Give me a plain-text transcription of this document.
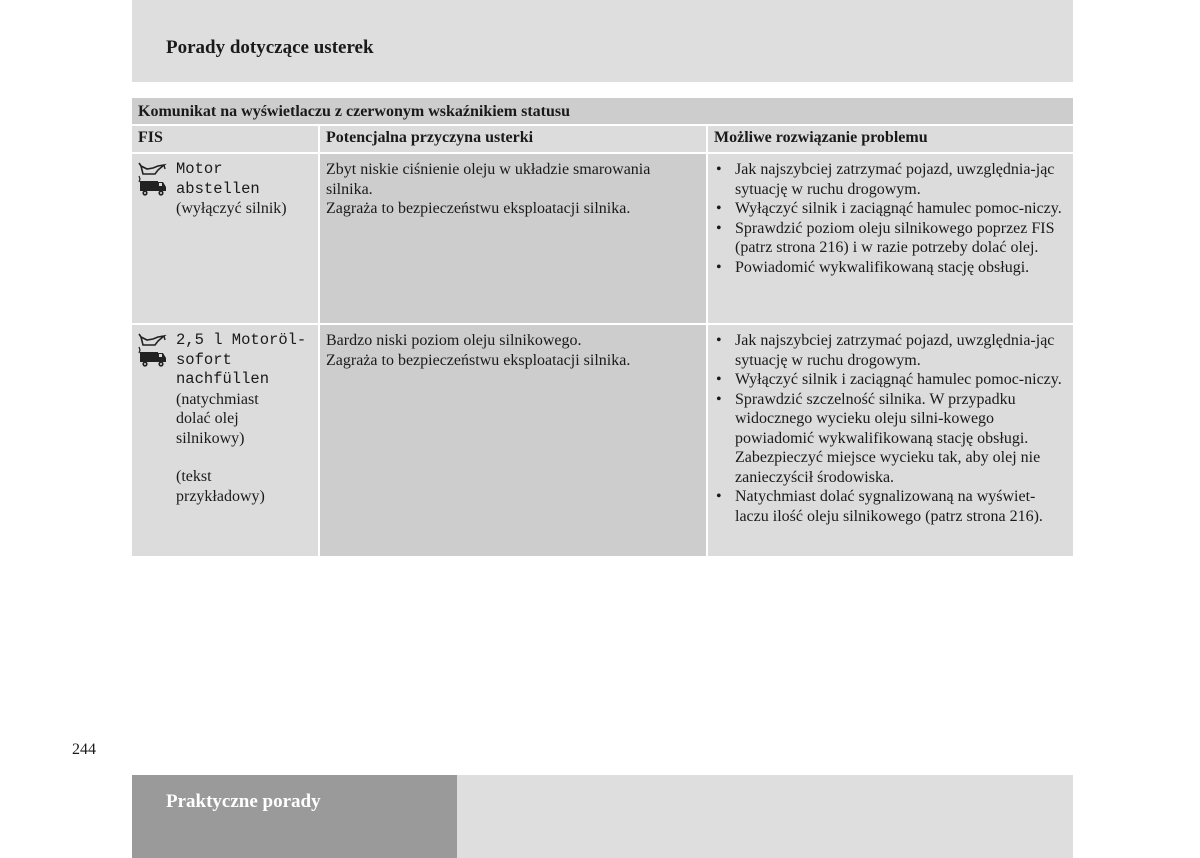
Porady dotyczące usterek
Komunikat na wyświetlaczu z czerwonym wskaźnikiem statusu
FIS	Potencjalna przyczyna usterki	Możliwe rozwiązanie problemu
Motor
abstellen
(wyłączyć silnik)
Zbyt niskie ciśnienie oleju w układzie smarowania silnika.
Zagraża to bezpieczeństwu eksploatacji silnika.
• Jak najszybciej zatrzymać pojazd, uwzględnia-jąc sytuację w ruchu drogowym.
• Wyłączyć silnik i zaciągnąć hamulec pomoc-niczy.
• Sprawdzić poziom oleju silnikowego poprzez FIS (patrz strona 216) i w razie potrzeby dolać olej.
• Powiadomić wykwalifikowaną stację obsługi.
2,5 l Motoröl-
sofort
nachfüllen
(natychmiast
dolać olej
silnikowy)
(tekst przykładowy)
Bardzo niski poziom oleju silnikowego.
Zagraża to bezpieczeństwu eksploatacji silnika.
• Jak najszybciej zatrzymać pojazd, uwzględnia-jąc sytuację w ruchu drogowym.
• Wyłączyć silnik i zaciągnąć hamulec pomoc-niczy.
• Sprawdzić szczelność silnika. W przypadku widocznego wycieku oleju silni-kowego powiadomić wykwalifikowaną stację obsługi. Zabezpieczyć miejsce wycieku tak, aby olej nie zanieczyścił środowiska.
• Natychmiast dolać sygnalizowaną na wyświet-laczu ilość oleju silnikowego (patrz strona 216).
244
Praktyczne porady
